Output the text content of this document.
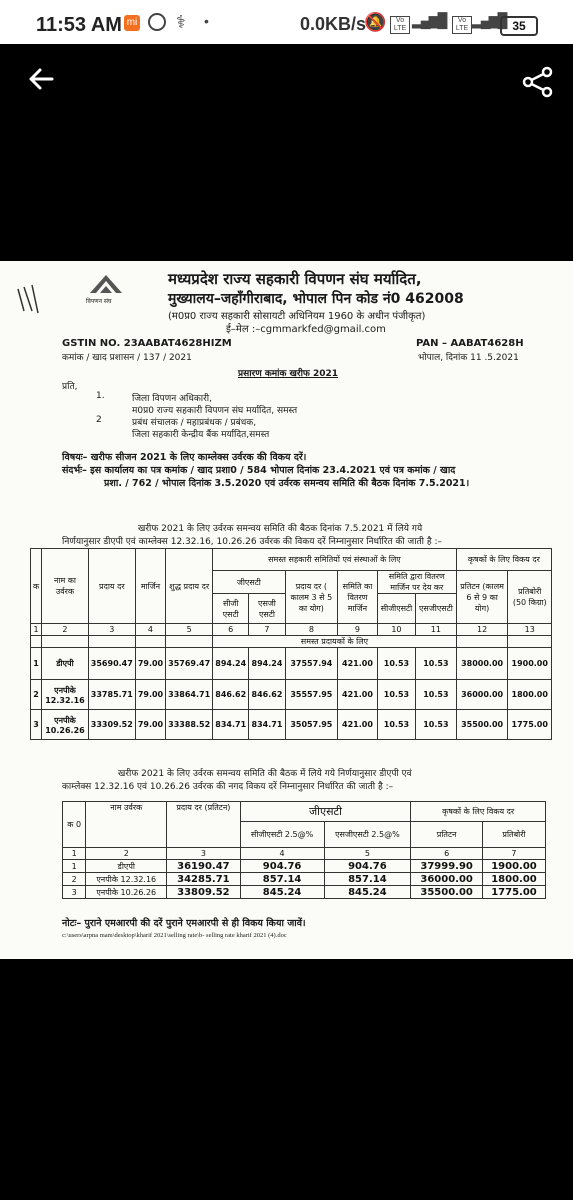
11:53 AM mi ⚕ •	0.0KB/s
🔕	Vo
LTE
▂▄▆█	Vo
LTE
▂▄▆█ 35
विपणन संघ
मध्यप्रदेश राज्य सहकारी विपणन संघ मर्यादित,
मुख्यालय–जहाँगीराबाद, भोपाल पिन कोड नं0 462008
(म0प्र0 राज्य सहकारी सोसायटी अधिनियम 1960 के अधीन पंजीकृत)
ई–मेल :–cgmmarkfed@gmail.com
GSTIN NO. 23AABAT4628HIZM	PAN – AABAT4628H
कमांक / खाद प्रशासन / 137 / 2021	भोपाल, दिनांक 11 .5.2021
प्रसारण कमांक खरीफ 2021
प्रति,
1.	जिला विपणन अधिकारी,
म0प्र0 राज्य सहकारी विपणन संघ मर्यादित, समस्त
2	प्रबंध संचालक / महाप्रबंधक / प्रबंधक,
जिला सहकारी केन्द्रीय बैंक मर्यादित,समस्त
विषयः– खरीफ सीजन 2021 के लिए काम्लेक्स उर्वरक की विकय दरें।
संदर्भः– इस कार्यालय का पत्र कमांक / खाद प्रशा0 / 584 भोपाल दिनांक 23.4.2021 एवं पत्र कमांक / खाद
प्रशा. / 762 / भोपाल दिनांक 3.5.2020 एवं उर्वरक समन्वय समिति की बैठक दिनांक 7.5.2021।
खरीफ 2021 के लिए उर्वरक समन्वय समिति की बैठक दिनांक 7.5.2021 में लिये गये
निर्णयानुसार डीएपी एवं काम्लेक्स 12.32.16, 10.26.26 उर्वरक की विकय दरें निम्नानुसार निर्धारित की जाती है :–
क	नाम का उर्वरक	प्रदाय दर	मार्जिन	शुद्ध प्रदाय दर	समस्त सहकारी समितियों एवं संस्थाओं के लिए						कृषकों के लिए विकय दर	
					जीएसटी		प्रदाय दर ( कालम 3 से 5 का योग)	समिति का वितरण मार्जिन	समिति द्वारा वितरण मार्जिन पर देय कर		प्रतिटन (कालम 6 से 9 का योग)	प्रतिबोरी (50 किग्रा)
					सीजी एसटी	एसजी एसटी			सीजीएसटी	एसजीएसटी		
1	2	3	4	5	6	7	8	9	10	11	12	13
					समस्त प्रदायकों के लिए							
1	डीएपी	35690.47	79.00	35769.47	894.24	894.24	37557.94	421.00	10.53	10.53	38000.00	1900.00
2	एनपीके 12.32.16	33785.71	79.00	33864.71	846.62	846.62	35557.95	421.00	10.53	10.53	36000.00	1800.00
3	एनपीके 10.26.26	33309.52	79.00	33388.52	834.71	834.71	35057.95	421.00	10.53	10.53	35500.00	1775.00
खरीफ 2021 के लिए उर्वरक समन्वय समिति की बैठक में लिये गये निर्णयानुसार डीएपी एवं
काम्लेक्स 12.32.16 एवं 10.26.26 उर्वरक की नगद विकय दरें निम्नानुसार निर्धारित की जाती है :–
क 0	नाम उर्वरक	प्रदाय दर (प्रतिटन)	जीएसटी		कृषकों के लिए विकय दर	
			सीजीएसटी 2.5@%	एसजीएसटी 2.5@%	प्रतिटन	प्रतिबोरी
1	2	3	4	5	6	7
1	डीएपी	36190.47	904.76	904.76	37999.90	1900.00
2	एनपीके 12.32.16	34285.71	857.14	857.14	36000.00	1800.00
3	एनपीके 10.26.26	33809.52	845.24	845.24	35500.00	1775.00
नोटः– पुराने एमआरपी की दरें पुराने एमआरपी से ही विकय किया जावें।
c:\users\arpna mam\desktop\kharif 2021\selling rate\b- selling rate kharif 2021 (4).doc
